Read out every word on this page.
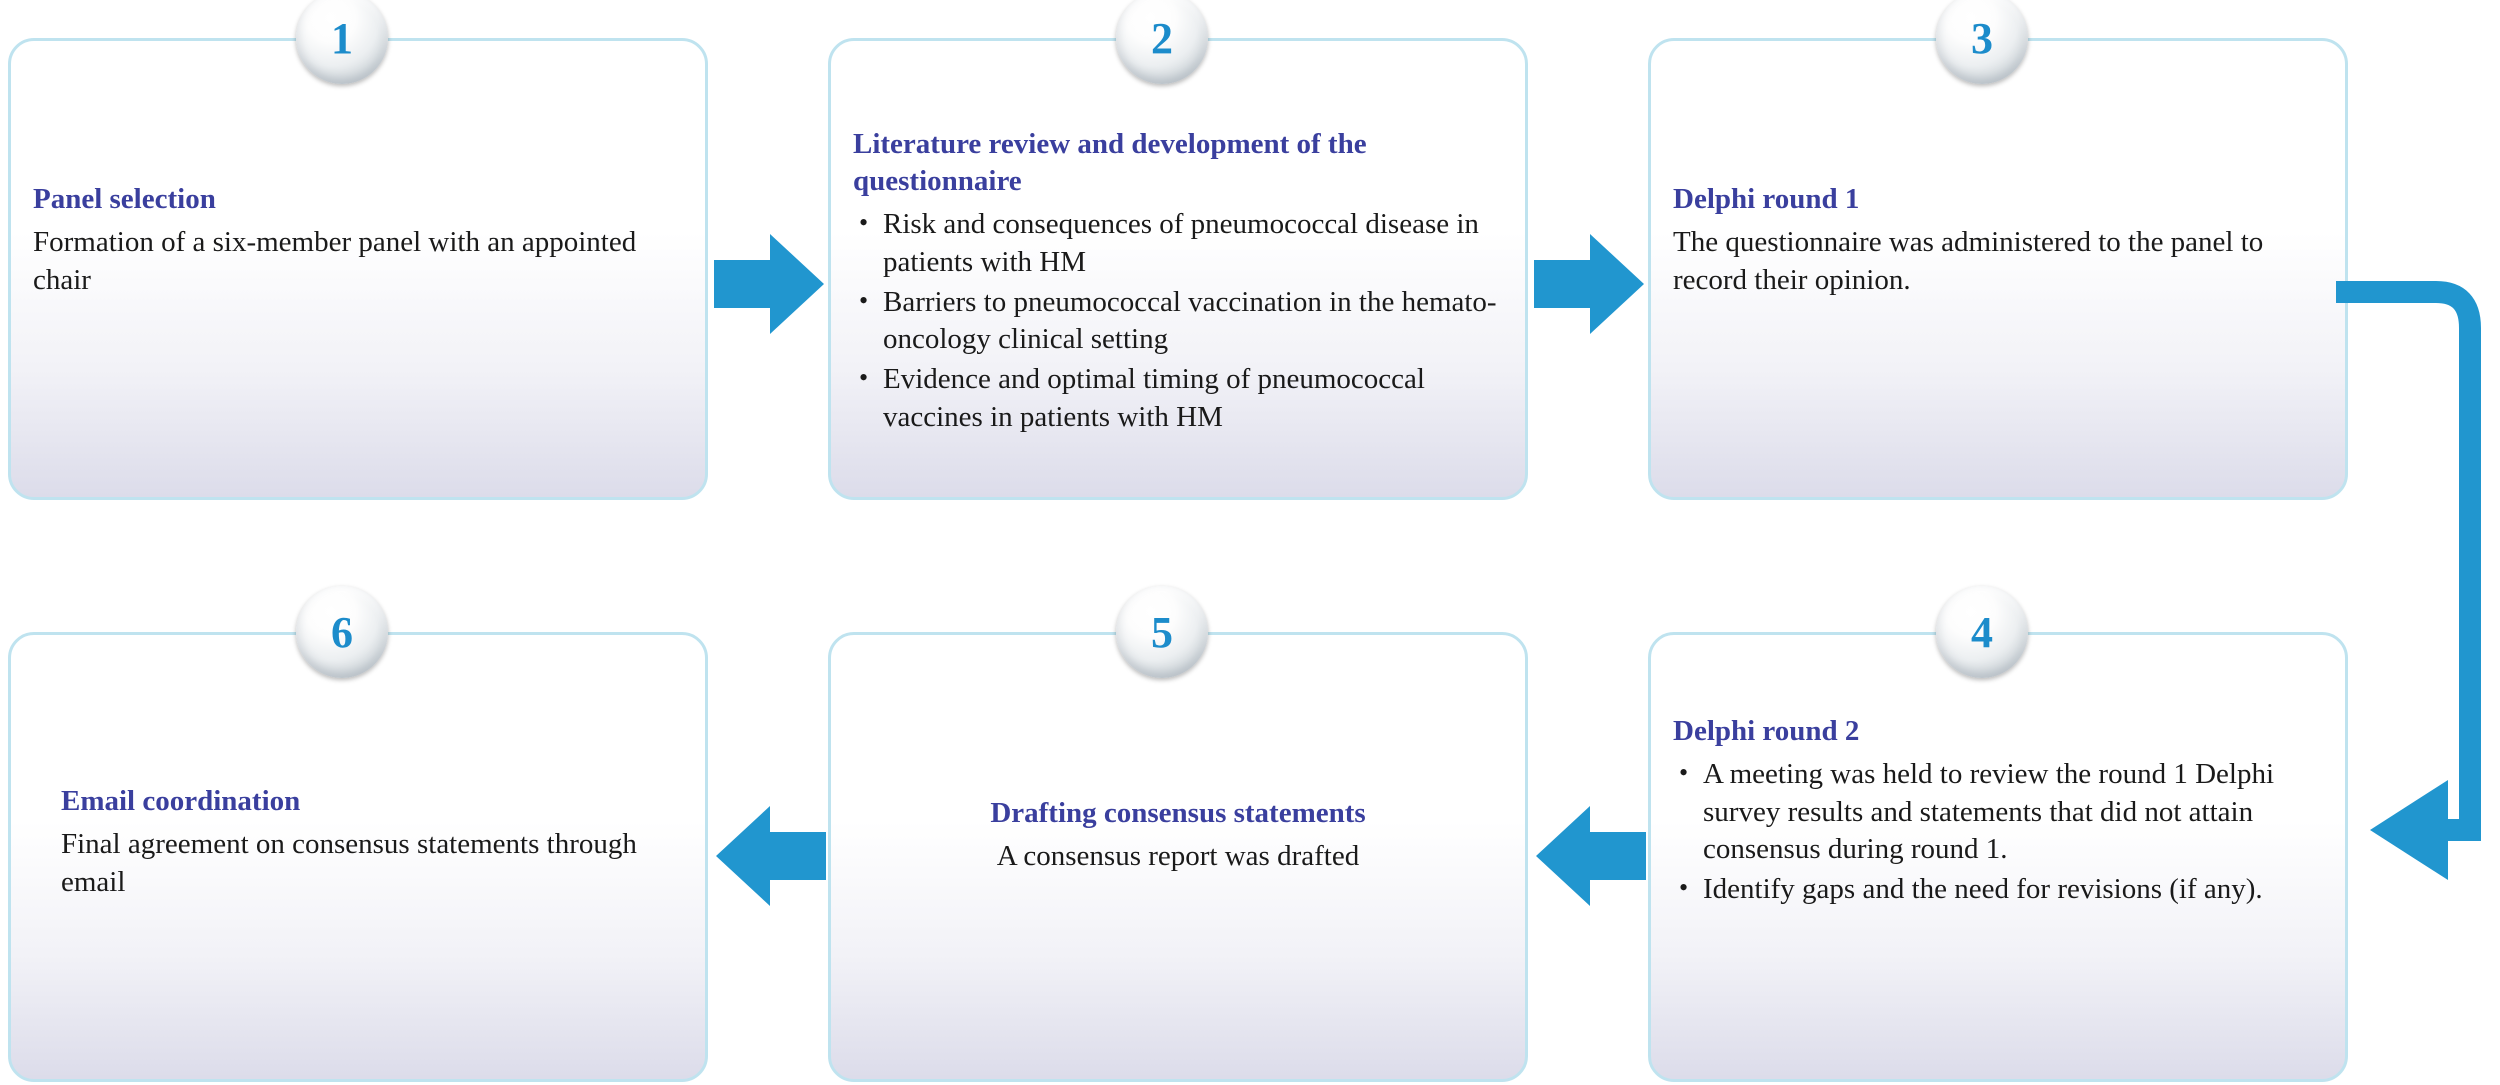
Panel selection

Formation of a six-member panel with an appointed chair

1

Literature review and development of the questionnaire

• Risk and consequences of pneumococcal disease in patients with HM
• Barriers to pneumococcal vaccination in the hemato-oncology clinical setting
• Evidence and optimal timing of pneumococcal vaccines in patients with HM
2

Delphi round 1

The questionnaire was administered to the panel to record their opinion.

3

Delphi round 2

• A meeting was held to review the round 1 Delphi survey results and statements that did not attain consensus during round 1.
• Identify gaps and the need for revisions (if any).
4

Drafting consensus statements

A consensus report was drafted

5

Email coordination

Final agreement on consensus statements through email

6
